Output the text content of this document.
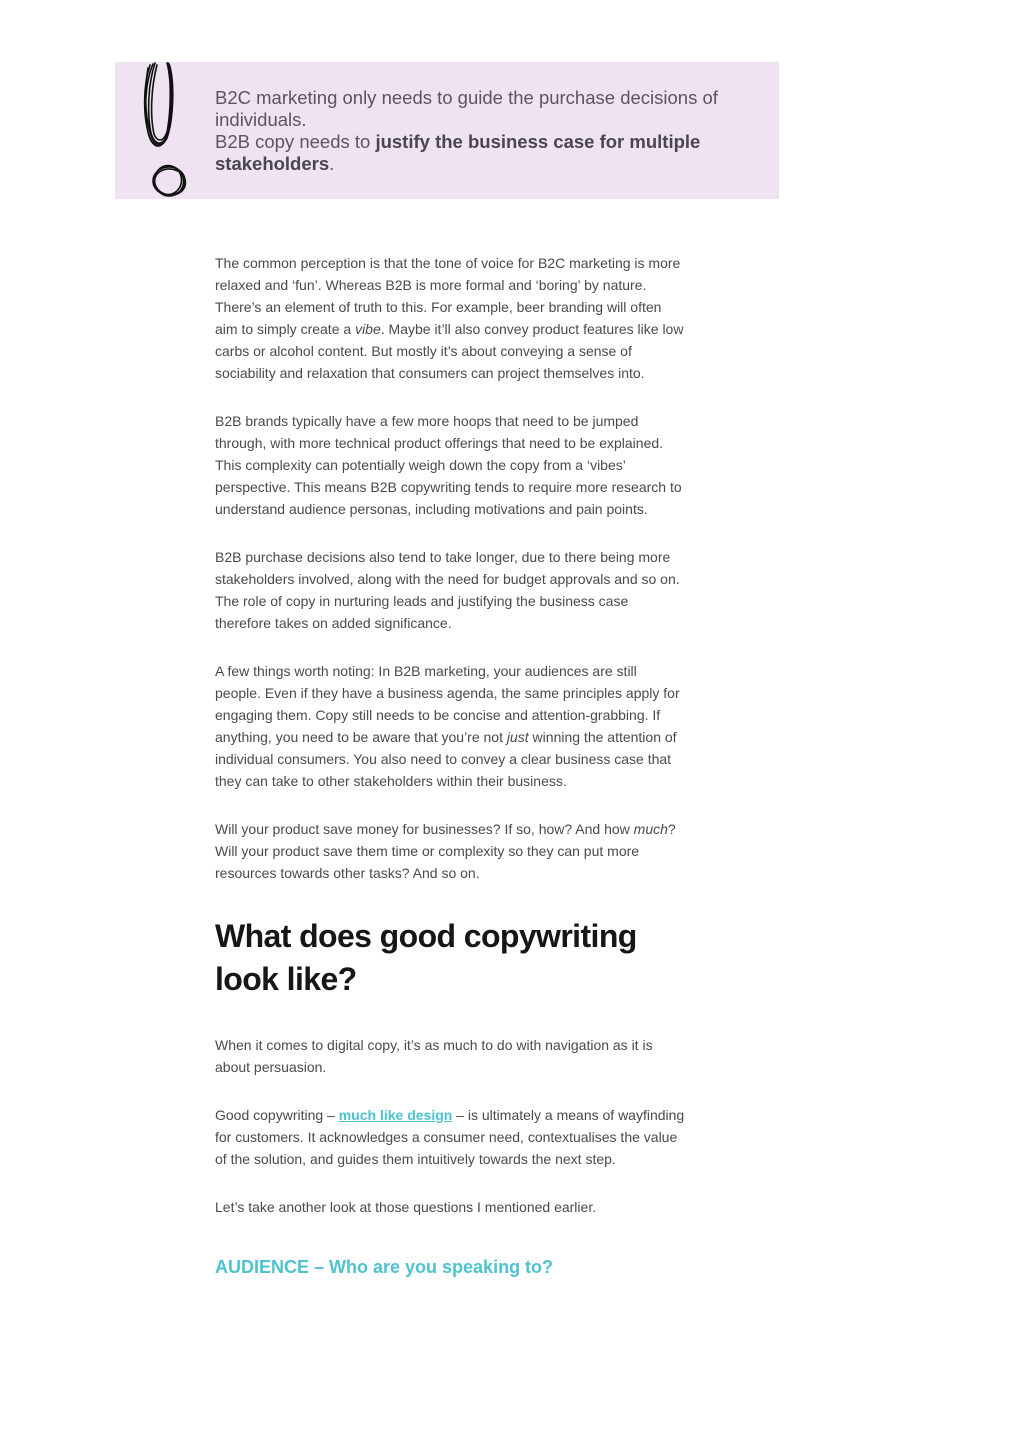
B2C marketing only needs to guide the purchase decisions of individuals.
B2B copy needs to justify the business case for multiple stakeholders.

The common perception is that the tone of voice for B2C marketing is more relaxed and ‘fun’. Whereas B2B is more formal and ‘boring’ by nature. There’s an element of truth to this. For example, beer branding will often aim to simply create a vibe. Maybe it’ll also convey product features like low carbs or alcohol content. But mostly it’s about conveying a sense of sociability and relaxation that consumers can project themselves into.

B2B brands typically have a few more hoops that need to be jumped through, with more technical product offerings that need to be explained. This complexity can potentially weigh down the copy from a ‘vibes’ perspective. This means B2B copywriting tends to require more research to understand audience personas, including motivations and pain points.

B2B purchase decisions also tend to take longer, due to there being more stakeholders involved, along with the need for budget approvals and so on. The role of copy in nurturing leads and justifying the business case therefore takes on added significance.

A few things worth noting: In B2B marketing, your audiences are still people. Even if they have a business agenda, the same principles apply for engaging them. Copy still needs to be concise and attention-grabbing. If anything, you need to be aware that you’re not just winning the attention of individual consumers. You also need to convey a clear business case that they can take to other stakeholders within their business.

Will your product save money for businesses? If so, how? And how much? Will your product save them time or complexity so they can put more resources towards other tasks? And so on.

What does good copywriting look like?

When it comes to digital copy, it’s as much to do with navigation as it is about persuasion.

Good copywriting – much like design – is ultimately a means of wayfinding for customers. It acknowledges a consumer need, contextualises the value of the solution, and guides them intuitively towards the next step.

Let’s take another look at those questions I mentioned earlier.

AUDIENCE – Who are you speaking to?
